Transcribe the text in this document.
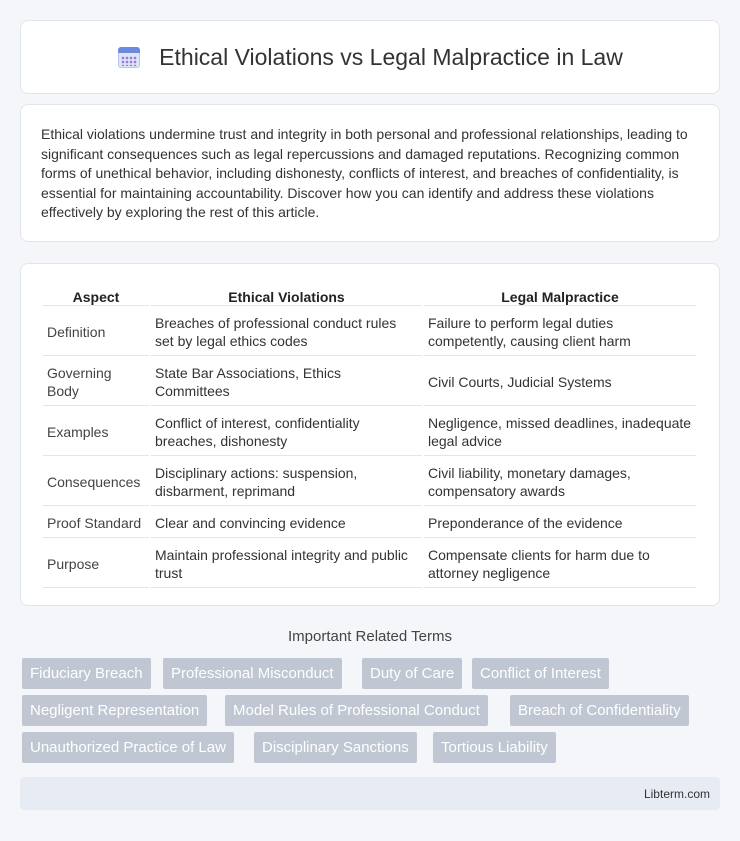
Ethical Violations vs Legal Malpractice in Law

Ethical violations undermine trust and integrity in both personal and professional relationships, leading to significant consequences such as legal repercussions and damaged reputations. Recognizing common forms of unethical behavior, including dishonesty, conflicts of interest, and breaches of confidentiality, is essential for maintaining accountability. Discover how you can identify and address these violations effectively by exploring the rest of this article.

Aspect	Ethical Violations	Legal Malpractice
Definition	Breaches of professional conduct rules set by legal ethics codes	Failure to perform legal duties competently, causing client harm
Governing Body	State Bar Associations, Ethics Committees	Civil Courts, Judicial Systems
Examples	Conflict of interest, confidentiality breaches, dishonesty	Negligence, missed deadlines, inadequate legal advice
Consequences	Disciplinary actions: suspension, disbarment, reprimand	Civil liability, monetary damages, compensatory awards
Proof Standard	Clear and convincing evidence	Preponderance of the evidence
Purpose	Maintain professional integrity and public trust	Compensate clients for harm due to attorney negligence
Important Related Terms
Fiduciary Breach	Professional Misconduct	Duty of Care	Conflict of Interest
Negligent Representation	Model Rules of Professional Conduct	Breach of Confidentiality
Unauthorized Practice of Law	Disciplinary Sanctions	Tortious Liability
Libterm.com
